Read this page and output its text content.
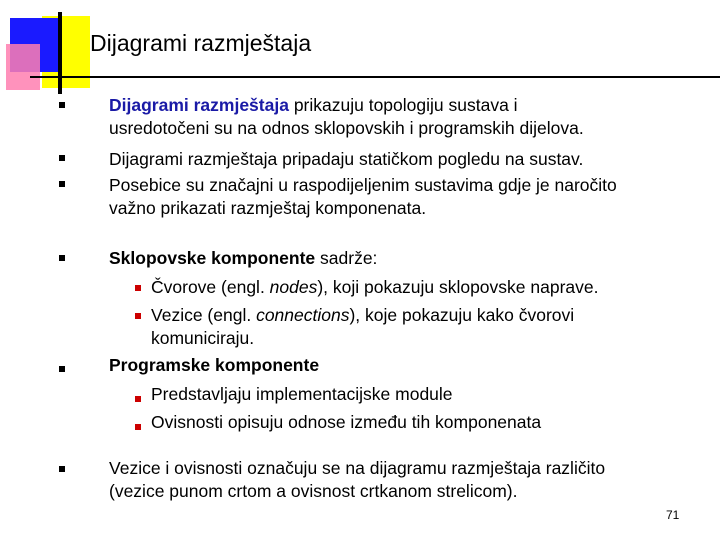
Dijagrami razmještaja
Dijagrami razmještaja prikazuju topologiju sustava i
usredotočeni su na odnos sklopovskih i programskih dijelova.
Dijagrami razmještaja pripadaju statičkom pogledu na sustav.
Posebice su značajni u raspodijeljenim sustavima gdje je naročito
važno prikazati razmještaj komponenata.
Sklopovske komponente sadrže:
Čvorove (engl. nodes), koji pokazuju sklopovske naprave.
Vezice (engl. connections), koje pokazuju kako čvorovi
komuniciraju.
Programske komponente
Predstavljaju implementacijske module
Ovisnosti opisuju odnose između tih komponenata
Vezice i ovisnosti označuju se na dijagramu razmještaja različito
(vezice punom crtom a ovisnost crtkanom strelicom).
71
